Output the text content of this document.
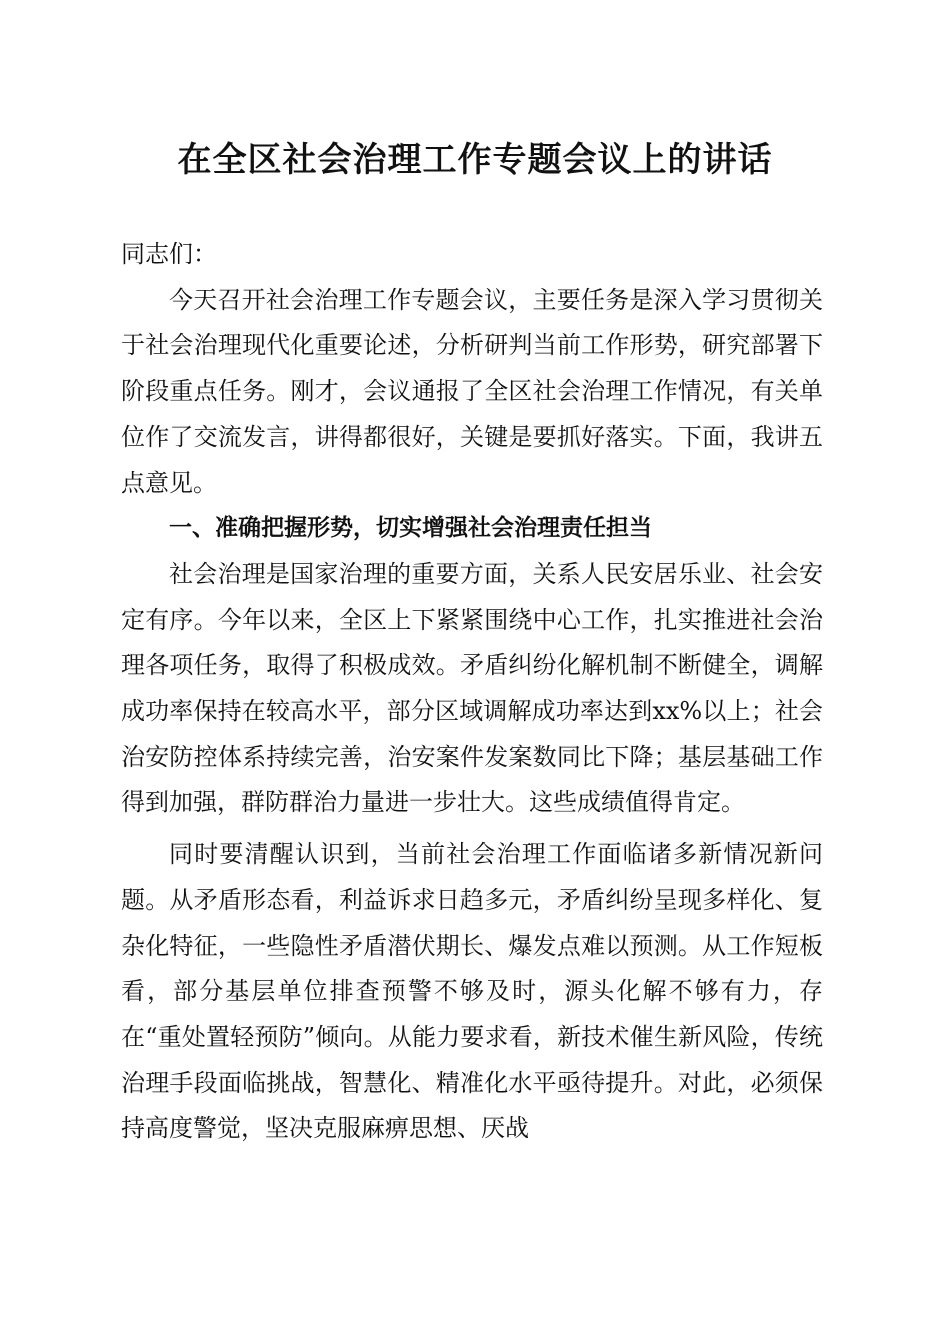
在全区社会治理工作专题会议上的讲话

同志们：

今天召开社会治理工作专题会议，主要任务是深入学习贯彻关于社会治理现代化重要论述，分析研判当前工作形势，研究部署下阶段重点任务。刚才，会议通报了全区社会治理工作情况，有关单位作了交流发言，讲得都很好，关键是要抓好落实。下面，我讲五点意见。

一、准确把握形势，切实增强社会治理责任担当

社会治理是国家治理的重要方面，关系人民安居乐业、社会安定有序。今年以来，全区上下紧紧围绕中心工作，扎实推进社会治理各项任务，取得了积极成效。矛盾纠纷化解机制不断健全，调解成功率保持在较高水平，部分区域调解成功率达到xx%以上；社会治安防控体系持续完善，治安案件发案数同比下降；基层基础工作得到加强，群防群治力量进一步壮大。这些成绩值得肯定。

同时要清醒认识到，当前社会治理工作面临诸多新情况新问题。从矛盾形态看，利益诉求日趋多元，矛盾纠纷呈现多样化、复杂化特征，一些隐性矛盾潜伏期长、爆发点难以预测。从工作短板看，部分基层单位排查预警不够及时，源头化解不够有力，存在“重处置轻预防”倾向。从能力要求看，新技术催生新风险，传统治理手段面临挑战，智慧化、精准化水平亟待提升。对此，必须保持高度警觉，坚决克服麻痹思想、厌战
